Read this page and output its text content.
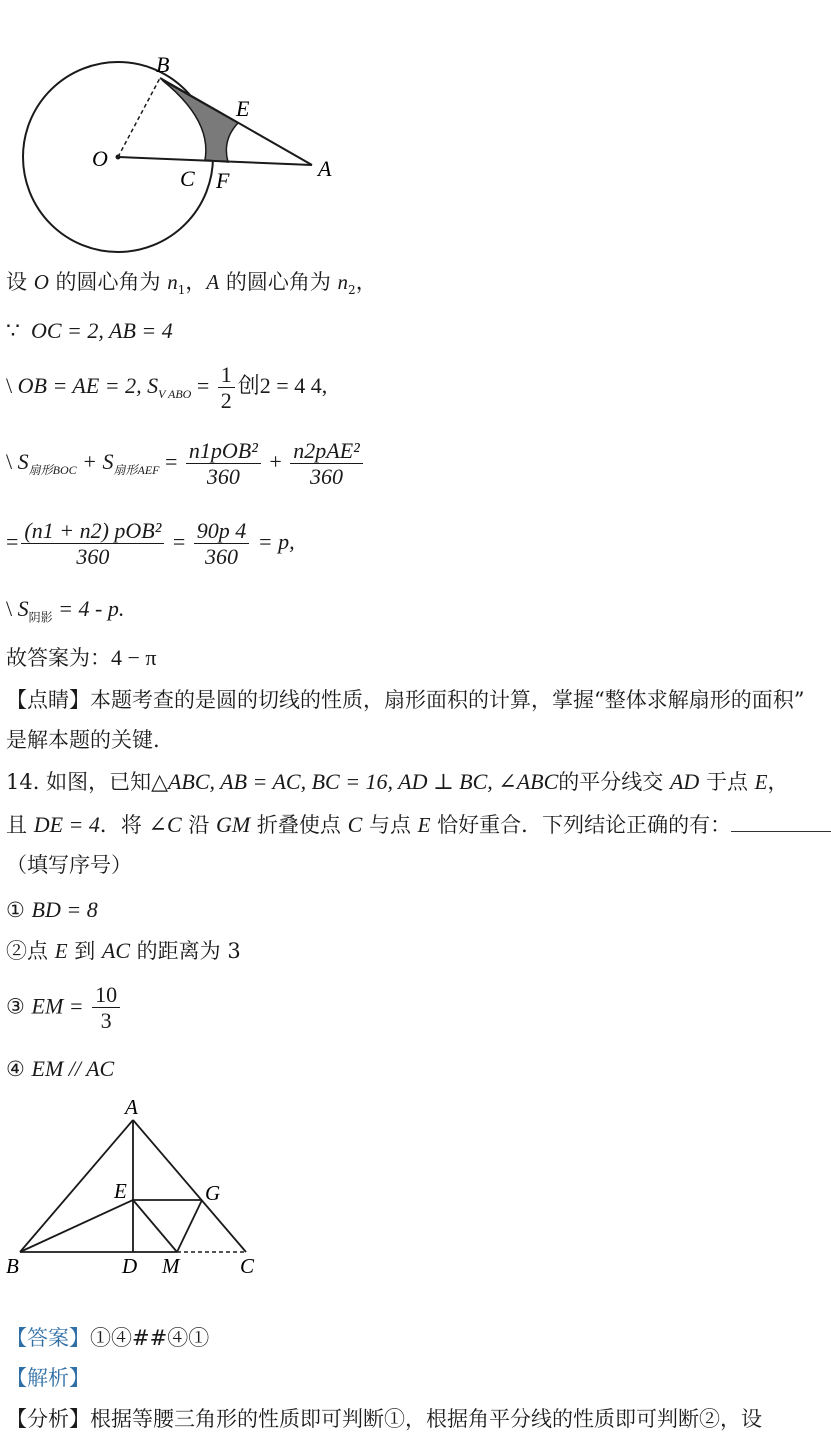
B
E
O
C F	A
设 O 的圆心角为 $n_1$，A 的圆心角为 $n_2$，
∵ OC = 2, AB = 4
\ OB = AE = 2, $S_{V ABO} = \frac{1}{2}$ 创2 = 4 4,
\ $S_{扇形BOC} + S_{扇形AEF} = \frac{\text{n1pOB²}}{360} + \frac{\text{n2pAE²}}{360}$
= $\frac{\text{(n1 + n2) pOB²}}{360} = \frac{90p 4}{360} = p$,
\ $S_{阴影} = 4 - p$.
故答案为：4 − π
【点睛】本题考查的是圆的切线的性质，扇形面积的计算，掌握“整体求解扇形的面积”
是解本题的关键.
14. 如图，已知△ABC, AB = AC, BC = 16, AD ⊥ BC, ∠ABC的平分线交 AD 于点 E，
且 DE = 4．将 ∠C 沿 GM 折叠使点 C 与点 E 恰好重合．下列结论正确的有：
（填写序号）
① BD = 8
②点 E 到 AC 的距离为 3
③ EM = $\frac{10}{3}$
④ EM // AC
A
E	G
B	D M	C
【答案】①④##④①
【解析】
【分析】根据等腰三角形的性质即可判断①，根据角平分线的性质即可判断②，设
